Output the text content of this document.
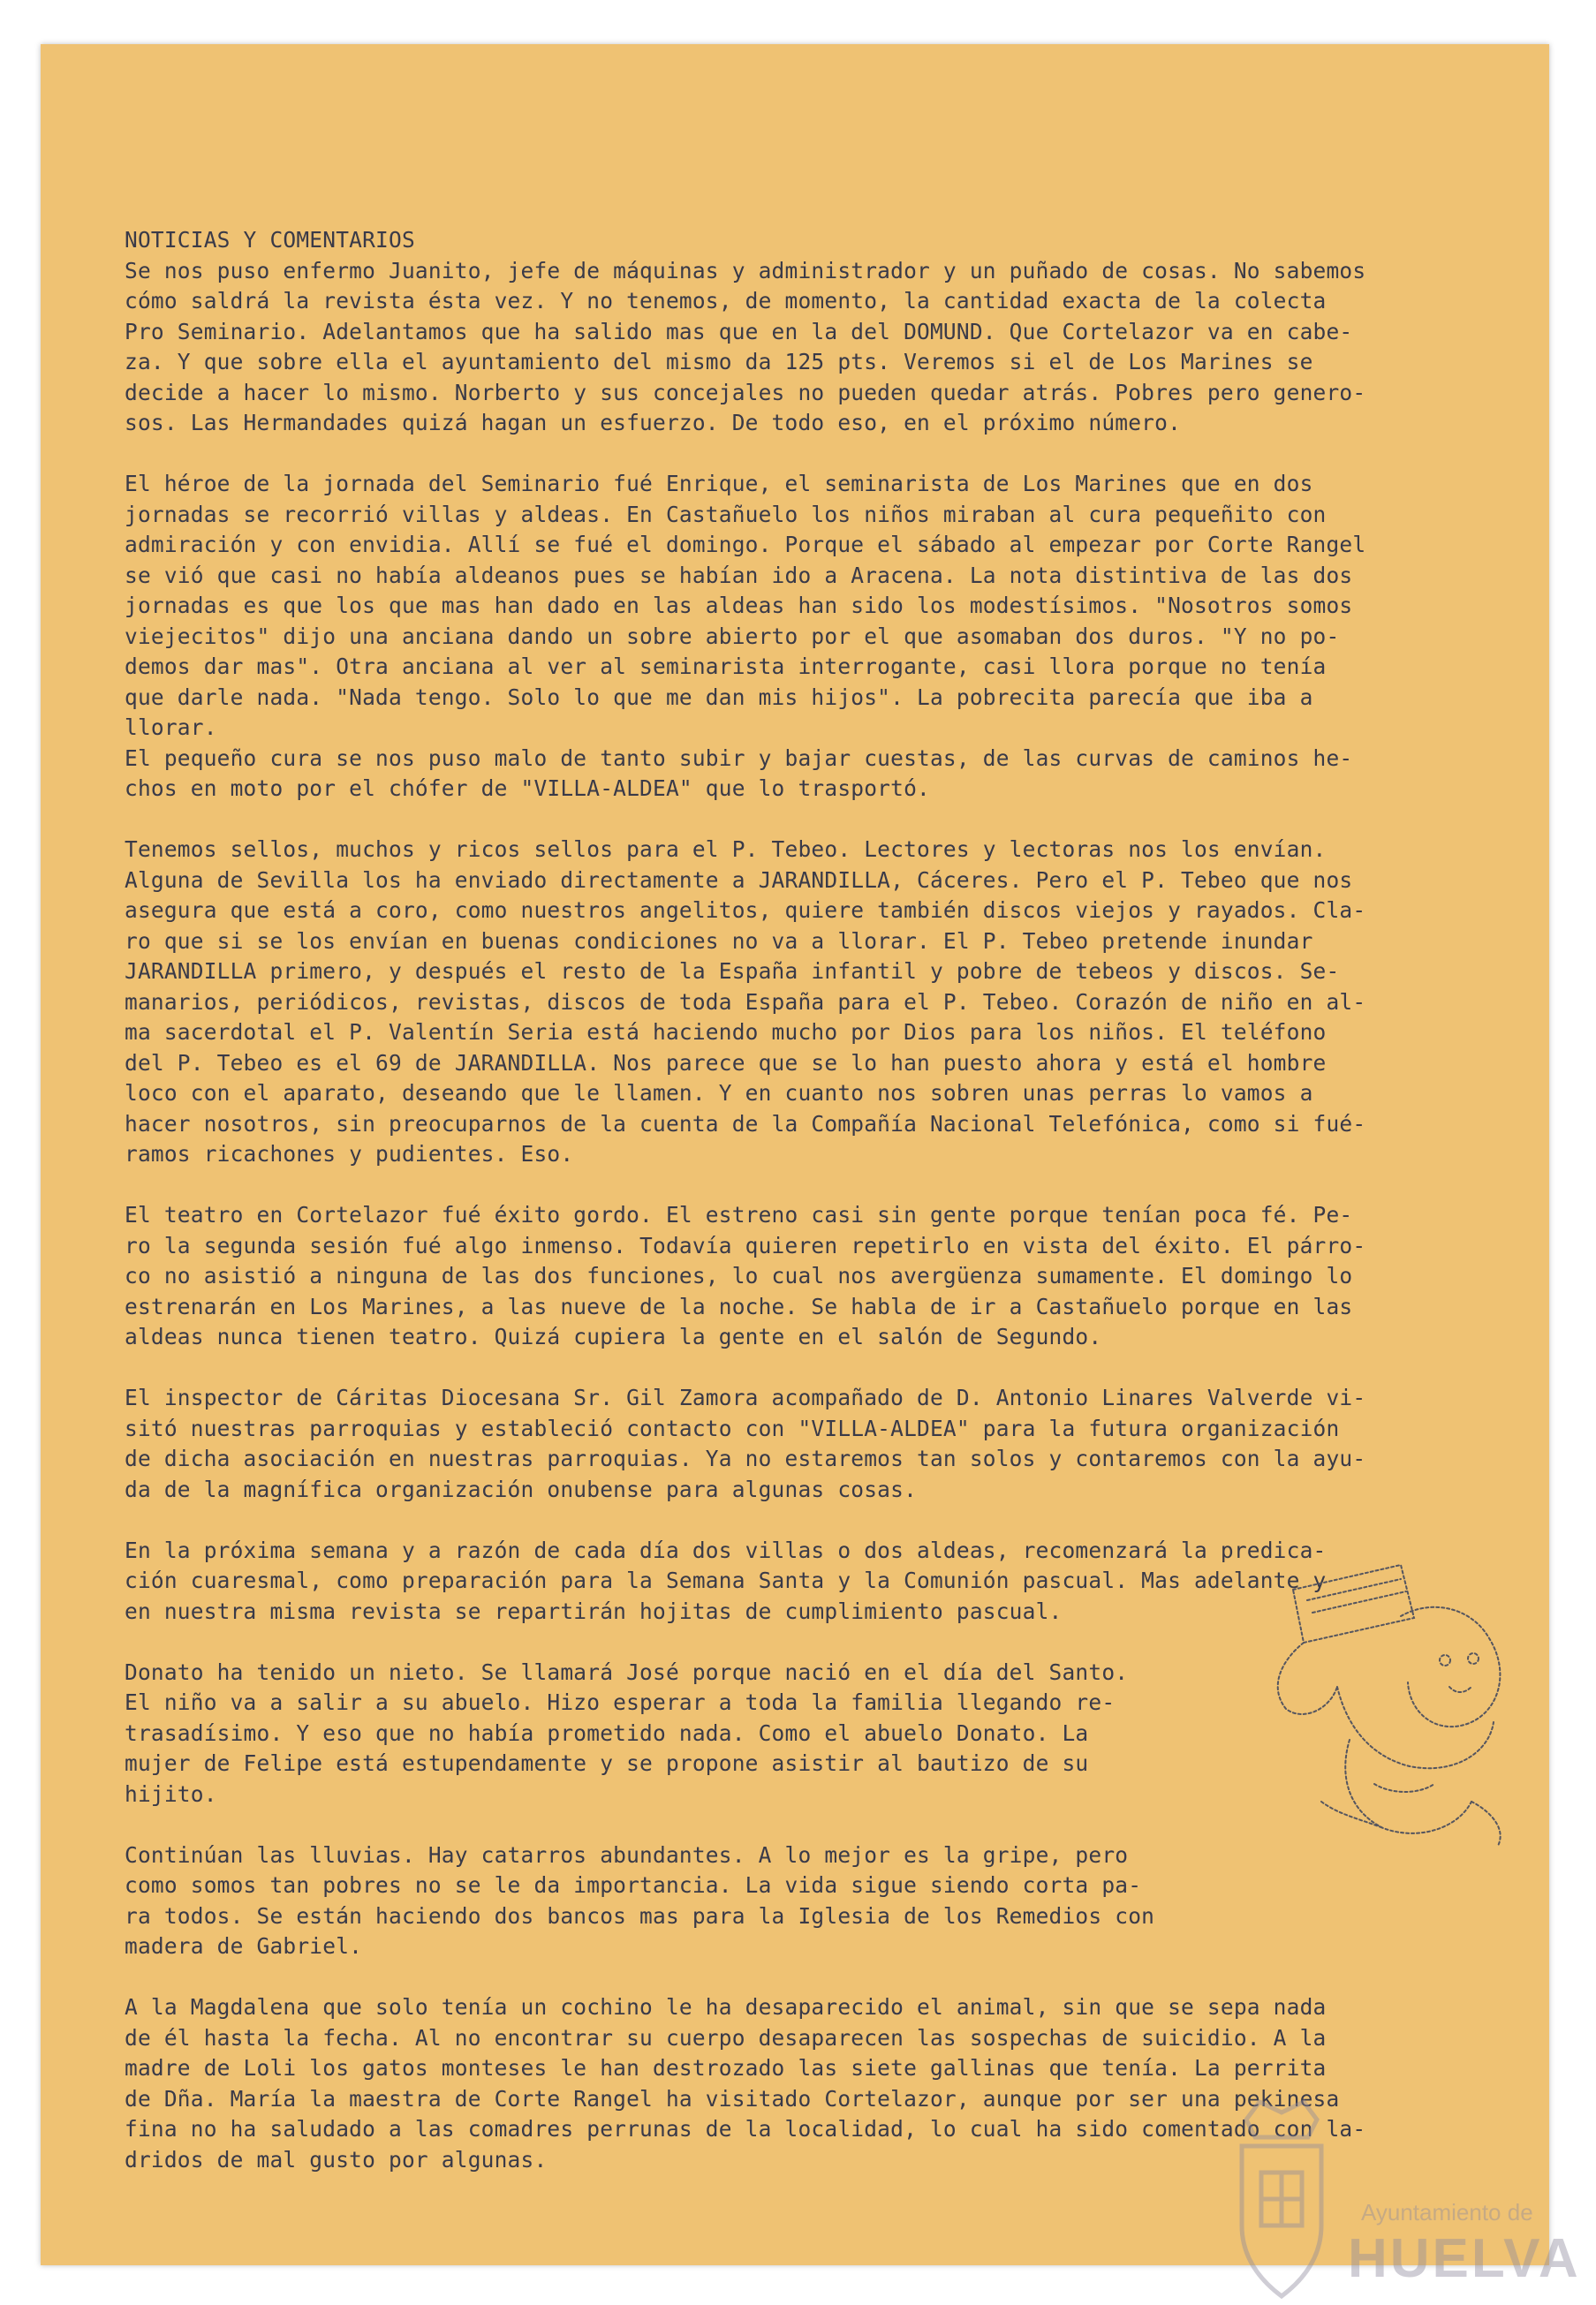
NOTICIAS Y COMENTARIOS

Se nos puso enfermo Juanito, jefe de máquinas y administrador y un puñado de cosas. No sabemos

cómo saldrá la revista ésta vez. Y no tenemos, de momento, la cantidad exacta de la colecta

Pro Seminario. Adelantamos que ha salido mas que en la del DOMUND. Que Cortelazor va en cabe-

za. Y que sobre ella el ayuntamiento del mismo da 125 pts. Veremos si el de Los Marines se

decide a hacer lo mismo. Norberto y sus concejales no pueden quedar atrás. Pobres pero genero-

sos. Las Hermandades quizá hagan un esfuerzo. De todo eso, en el próximo número.

El héroe de la jornada del Seminario fué Enrique, el seminarista de Los Marines que en dos

jornadas se recorrió villas y aldeas. En Castañuelo los niños miraban al cura pequeñito con

admiración y con envidia. Allí se fué el domingo. Porque el sábado al empezar por Corte Rangel

se vió que casi no había aldeanos pues se habían ido a Aracena. La nota distintiva de las dos

jornadas es que los que mas han dado en las aldeas han sido los modestísimos. "Nosotros somos

viejecitos" dijo una anciana dando un sobre abierto por el que asomaban dos duros. "Y no po-

demos dar mas". Otra anciana al ver al seminarista interrogante, casi llora porque no tenía

que darle nada. "Nada tengo. Solo lo que me dan mis hijos". La pobrecita parecía que iba a

llorar.

El pequeño cura se nos puso malo de tanto subir y bajar cuestas, de las curvas de caminos he-

chos en moto por el chófer de "VILLA-ALDEA" que lo trasportó.

Tenemos sellos, muchos y ricos sellos para el P. Tebeo. Lectores y lectoras nos los envían.

Alguna de Sevilla los ha enviado directamente a JARANDILLA, Cáceres. Pero el P. Tebeo que nos

asegura que está a coro, como nuestros angelitos, quiere también discos viejos y rayados. Cla-

ro que si se los envían en buenas condiciones no va a llorar. El P. Tebeo pretende inundar

JARANDILLA primero, y después el resto de la España infantil y pobre de tebeos y discos. Se-

manarios, periódicos, revistas, discos de toda España para el P. Tebeo. Corazón de niño en al-

ma sacerdotal el P. Valentín Seria está haciendo mucho por Dios para los niños. El teléfono

del P. Tebeo es el 69 de JARANDILLA. Nos parece que se lo han puesto ahora y está el hombre

loco con el aparato, deseando que le llamen. Y en cuanto nos sobren unas perras lo vamos a

hacer nosotros, sin preocuparnos de la cuenta de la Compañía Nacional Telefónica, como si fué-

ramos ricachones y pudientes. Eso.

El teatro en Cortelazor fué éxito gordo. El estreno casi sin gente porque tenían poca fé. Pe-

ro la segunda sesión fué algo inmenso. Todavía quieren repetirlo en vista del éxito. El párro-

co no asistió a ninguna de las dos funciones, lo cual nos avergüenza sumamente. El domingo lo

estrenarán en Los Marines, a las nueve de la noche. Se habla de ir a Castañuelo porque en las

aldeas nunca tienen teatro. Quizá cupiera la gente en el salón de Segundo.

El inspector de Cáritas Diocesana Sr. Gil Zamora acompañado de D. Antonio Linares Valverde vi-

sitó nuestras parroquias y estableció contacto con "VILLA-ALDEA" para la futura organización

de dicha asociación en nuestras parroquias. Ya no estaremos tan solos y contaremos con la ayu-

da de la magnífica organización onubense para algunas cosas.

En la próxima semana y a razón de cada día dos villas o dos aldeas, recomenzará la predica-

ción cuaresmal, como preparación para la Semana Santa y la Comunión pascual. Mas adelante y

en nuestra misma revista se repartirán hojitas de cumplimiento pascual.

Donato ha tenido un nieto. Se llamará José porque nació en el día del Santo.

El niño va a salir a su abuelo. Hizo esperar a toda la familia llegando re-

trasadísimo. Y eso que no había prometido nada. Como el abuelo Donato. La

mujer de Felipe está estupendamente y se propone asistir al bautizo de su

hijito.

Continúan las lluvias. Hay catarros abundantes. A lo mejor es la gripe, pero

como somos tan pobres no se le da importancia. La vida sigue siendo corta pa-

ra todos. Se están haciendo dos bancos mas para la Iglesia de los Remedios con

madera de Gabriel.

A la Magdalena que solo tenía un cochino le ha desaparecido el animal, sin que se sepa nada

de él hasta la fecha. Al no encontrar su cuerpo desaparecen las sospechas de suicidio. A la

madre de Loli los gatos monteses le han destrozado las siete gallinas que tenía. La perrita

de Dña. María la maestra de Corte Rangel ha visitado Cortelazor, aunque por ser una pekinesa

fina no ha saludado a las comadres perrunas de la localidad, lo cual ha sido comentado con la-

dridos de mal gusto por algunas.

Ayuntamiento de
HUELVA
